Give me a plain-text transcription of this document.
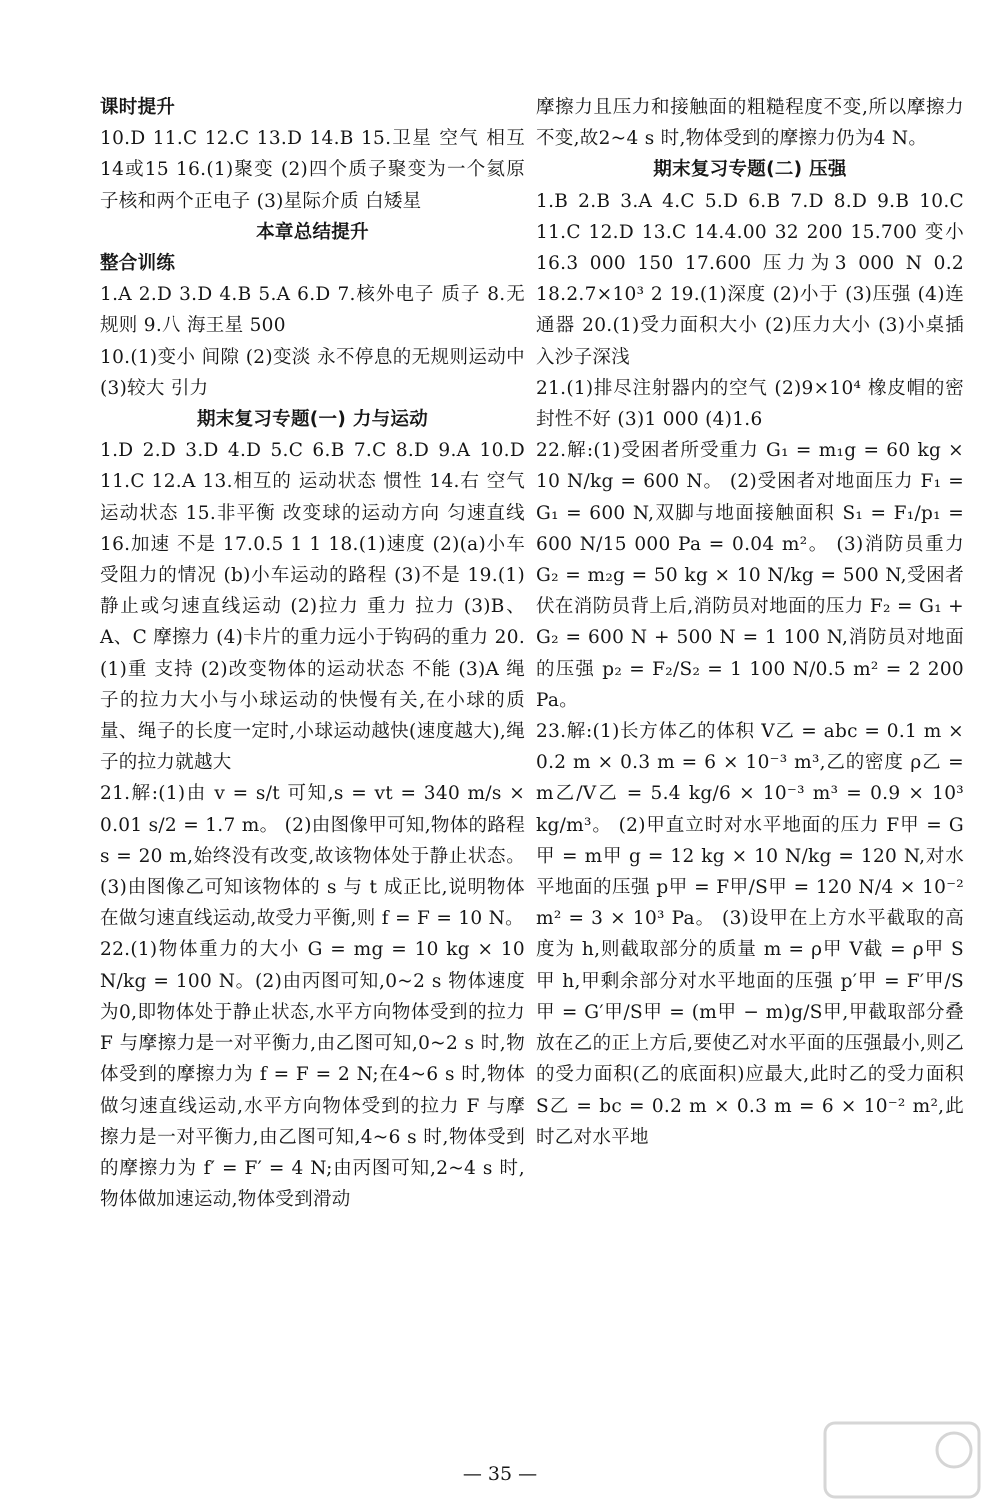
课时提升

10.D 11.C 12.C 13.D 14.B 15.卫星 空气 相互 14或15 16.(1)聚变 (2)四个质子聚变为一个氦原子核和两个正电子 (3)星际介质 白矮星

本章总结提升

整合训练

1.A 2.D 3.D 4.B 5.A 6.D 7.核外电子 质子 8.无规则 9.八 海王星 500

10.(1)变小 间隙 (2)变淡 永不停息的无规则运动中 (3)较大 引力

期末复习专题(一) 力与运动

1.D 2.D 3.D 4.D 5.C 6.B 7.C 8.D 9.A 10.D 11.C 12.A 13.相互的 运动状态 惯性 14.右 空气 运动状态 15.非平衡 改变球的运动方向 匀速直线 16.加速 不是 17.0.5 1 1 18.(1)速度 (2)(a)小车受阻力的情况 (b)小车运动的路程 (3)不是 19.(1)静止或匀速直线运动 (2)拉力 重力 拉力 (3)B、A、C 摩擦力 (4)卡片的重力远小于钩码的重力 20.(1)重 支持 (2)改变物体的运动状态 不能 (3)A 绳子的拉力大小与小球运动的快慢有关,在小球的质量、绳子的长度一定时,小球运动越快(速度越大),绳子的拉力就越大

21.解:(1)由 v = s/t 可知,s = vt = 340 m/s × 0.01 s/2 = 1.7 m。 (2)由图像甲可知,物体的路程 s = 20 m,始终没有改变,故该物体处于静止状态。 (3)由图像乙可知该物体的 s 与 t 成正比,说明物体在做匀速直线运动,故受力平衡,则 f = F = 10 N。

22.(1)物体重力的大小 G = mg = 10 kg × 10 N/kg = 100 N。(2)由丙图可知,0~2 s 物体速度为0,即物体处于静止状态,水平方向物体受到的拉力 F 与摩擦力是一对平衡力,由乙图可知,0~2 s 时,物体受到的摩擦力为 f = F = 2 N;在4~6 s 时,物体做匀速直线运动,水平方向物体受到的拉力 F 与摩擦力是一对平衡力,由乙图可知,4~6 s 时,物体受到的摩擦力为 f′ = F′ = 4 N;由丙图可知,2~4 s 时,物体做加速运动,物体受到滑动

摩擦力且压力和接触面的粗糙程度不变,所以摩擦力不变,故2~4 s 时,物体受到的摩擦力仍为4 N。

期末复习专题(二) 压强

1.B 2.B 3.A 4.C 5.D 6.B 7.D 8.D 9.B 10.C 11.C 12.D 13.C 14.4.00 32 200 15.700 变小 16.3 000 150 17.600 压力为3 000 N 0.2 18.2.7×10³ 2 19.(1)深度 (2)小于 (3)压强 (4)连通器 20.(1)受力面积大小 (2)压力大小 (3)小桌插入沙子深浅

21.(1)排尽注射器内的空气 (2)9×10⁴ 橡皮帽的密封性不好 (3)1 000 (4)1.6

22.解:(1)受困者所受重力 G₁ = m₁g = 60 kg × 10 N/kg = 600 N。 (2)受困者对地面压力 F₁ = G₁ = 600 N,双脚与地面接触面积 S₁ = F₁/p₁ = 600 N/15 000 Pa = 0.04 m²。 (3)消防员重力 G₂ = m₂g = 50 kg × 10 N/kg = 500 N,受困者伏在消防员背上后,消防员对地面的压力 F₂ = G₁ + G₂ = 600 N + 500 N = 1 100 N,消防员对地面的压强 p₂ = F₂/S₂ = 1 100 N/0.5 m² = 2 200 Pa。

23.解:(1)长方体乙的体积 V乙 = abc = 0.1 m × 0.2 m × 0.3 m = 6 × 10⁻³ m³,乙的密度 ρ乙 = m乙/V乙 = 5.4 kg/6 × 10⁻³ m³ = 0.9 × 10³ kg/m³。 (2)甲直立时对水平地面的压力 F甲 = G甲 = m甲 g = 12 kg × 10 N/kg = 120 N,对水平地面的压强 p甲 = F甲/S甲 = 120 N/4 × 10⁻² m² = 3 × 10³ Pa。 (3)设甲在上方水平截取的高度为 h,则截取部分的质量 m = ρ甲 V截 = ρ甲 S甲 h,甲剩余部分对水平地面的压强 p′甲 = F′甲/S甲 = G′甲/S甲 = (m甲 − m)g/S甲,甲截取部分叠放在乙的正上方后,要使乙对水平面的压强最小,则乙的受力面积(乙的底面积)应最大,此时乙的受力面积 S乙 = bc = 0.2 m × 0.3 m = 6 × 10⁻² m²,此时乙对水平地

— 35 —
